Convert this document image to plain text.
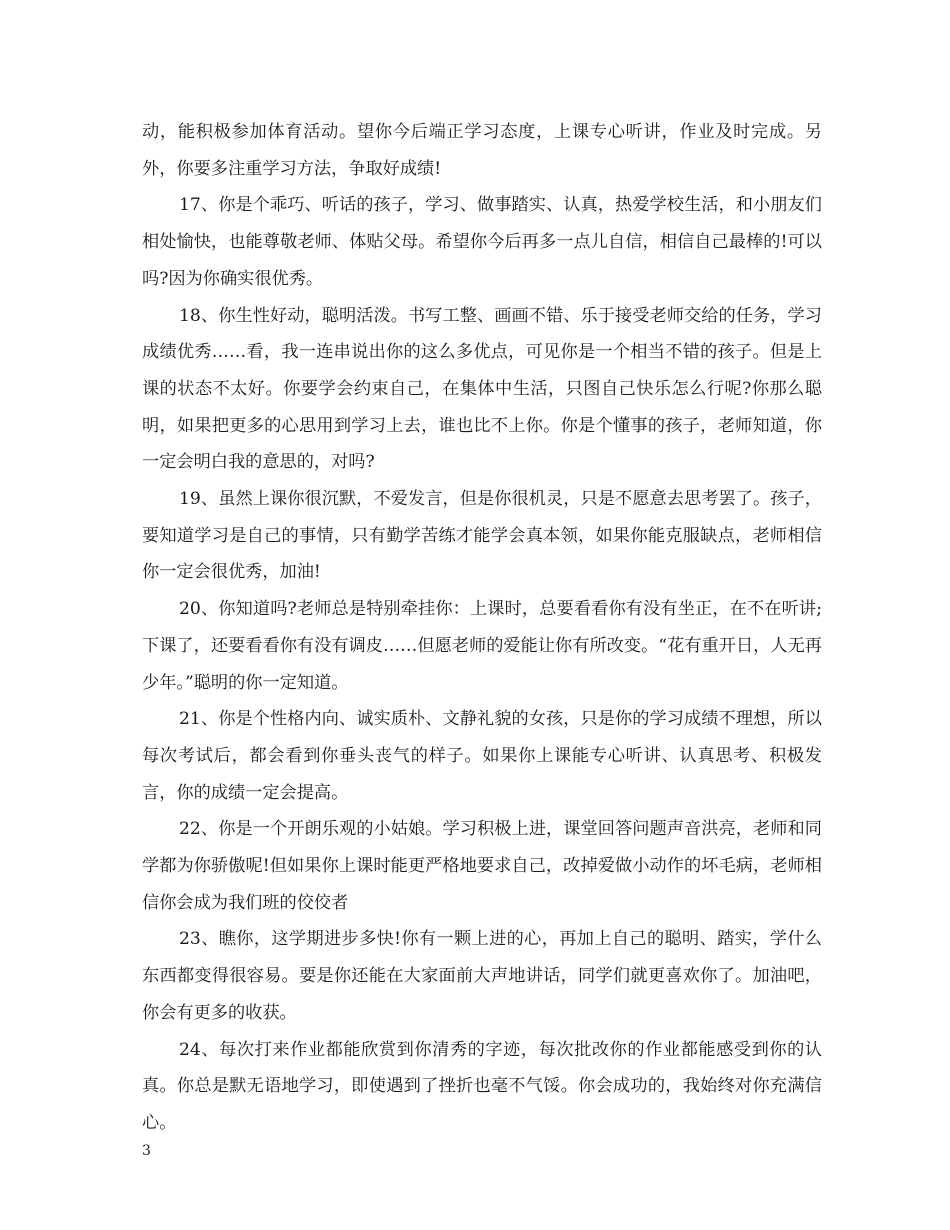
动，能积极参加体育活动。望你今后端正学习态度，上课专心听讲，作业及时完成。另外，你要多注重学习方法，争取好成绩!

17、你是个乖巧、听话的孩子，学习、做事踏实、认真，热爱学校生活，和小朋友们相处愉快，也能尊敬老师、体贴父母。希望你今后再多一点儿自信，相信自己最棒的!可以吗?因为你确实很优秀。

18、你生性好动，聪明活泼。书写工整、画画不错、乐于接受老师交给的任务，学习成绩优秀……看，我一连串说出你的这么多优点，可见你是一个相当不错的孩子。但是上课的状态不太好。你要学会约束自己，在集体中生活，只图自己快乐怎么行呢?你那么聪明，如果把更多的心思用到学习上去，谁也比不上你。你是个懂事的孩子，老师知道，你一定会明白我的意思的，对吗?

19、虽然上课你很沉默，不爱发言，但是你很机灵，只是不愿意去思考罢了。孩子，要知道学习是自己的事情，只有勤学苦练才能学会真本领，如果你能克服缺点，老师相信你一定会很优秀，加油!

20、你知道吗?老师总是特别牵挂你：上课时，总要看看你有没有坐正，在不在听讲;下课了，还要看看你有没有调皮……但愿老师的爱能让你有所改变。“花有重开日，人无再少年。”聪明的你一定知道。

21、你是个性格内向、诚实质朴、文静礼貌的女孩，只是你的学习成绩不理想，所以每次考试后，都会看到你垂头丧气的样子。如果你上课能专心听讲、认真思考、积极发言，你的成绩一定会提高。

22、你是一个开朗乐观的小姑娘。学习积极上进，课堂回答问题声音洪亮，老师和同学都为你骄傲呢!但如果你上课时能更严格地要求自己，改掉爱做小动作的坏毛病，老师相信你会成为我们班的佼佼者

23、瞧你，这学期进步多快!你有一颗上进的心，再加上自己的聪明、踏实，学什么东西都变得很容易。要是你还能在大家面前大声地讲话，同学们就更喜欢你了。加油吧，你会有更多的收获。

24、每次打来作业都能欣赏到你清秀的字迹，每次批改你的作业都能感受到你的认真。你总是默无语地学习，即使遇到了挫折也毫不气馁。你会成功的，我始终对你充满信心。

3
